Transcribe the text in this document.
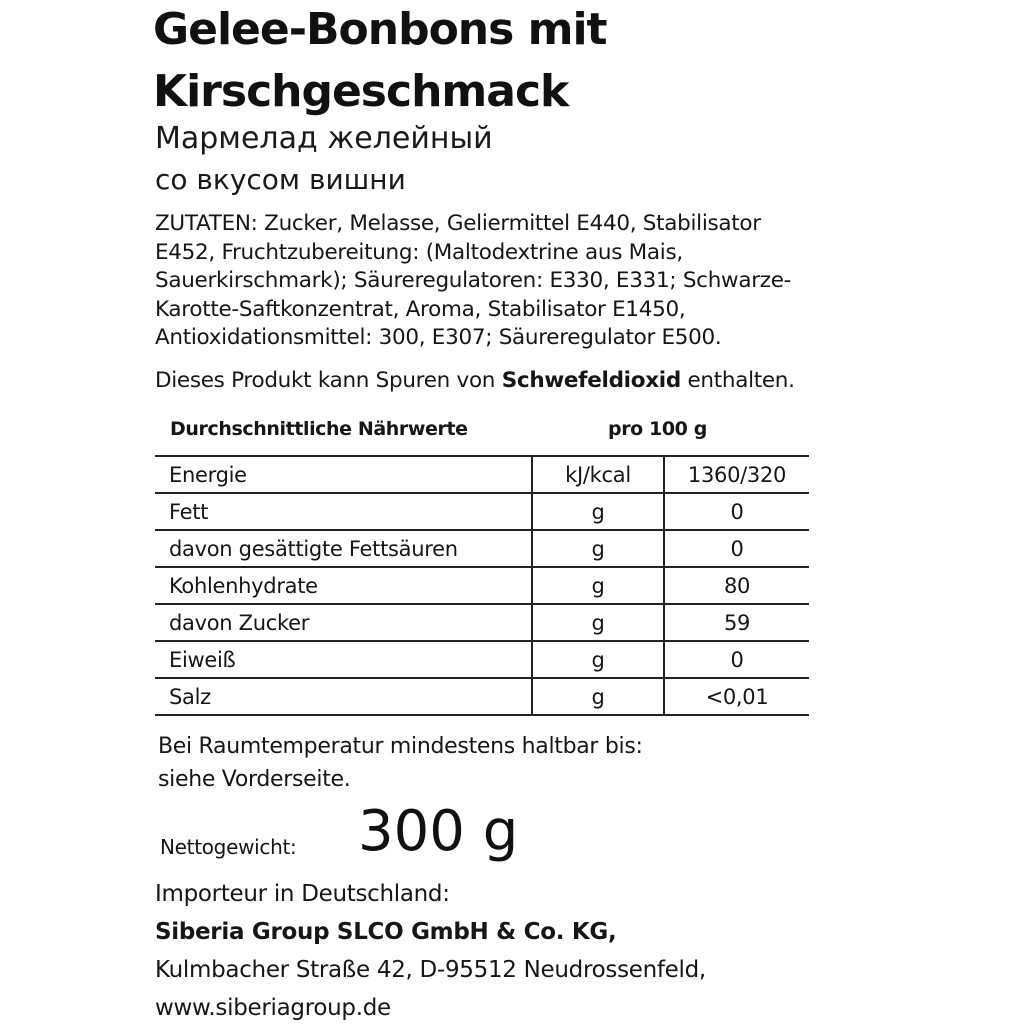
Gelee-Bonbons mit
Kirschgeschmack
Мармелад желейный
со вкусом вишни
ZUTATEN: Zucker, Melasse, Geliermittel E440, Stabilisator
E452, Fruchtzubereitung: (Maltodextrine aus Mais,
Sauerkirschmark); Säureregulatoren: E330, E331; Schwarze-
Karotte-Saftkonzentrat, Aroma, Stabilisator E1450,
Antioxidationsmittel: 300, E307; Säureregulator E500.
Dieses Produkt kann Spuren von Schwefeldioxid enthalten.
Durchschnittliche Nährwerte	pro 100 g
Energie	kJ/kcal	1360/320
Fett	g	0
davon gesättigte Fettsäuren	g	0
Kohlenhydrate	g	80
davon Zucker	g	59
Eiweiß	g	0
Salz	g	<0,01
Bei Raumtemperatur mindestens haltbar bis:
siehe Vorderseite.
Nettogewicht: 300 g
Importeur in Deutschland:
Siberia Group SLCO GmbH & Co. KG,
Kulmbacher Straße 42, D-95512 Neudrossenfeld,
www.siberiagroup.de
